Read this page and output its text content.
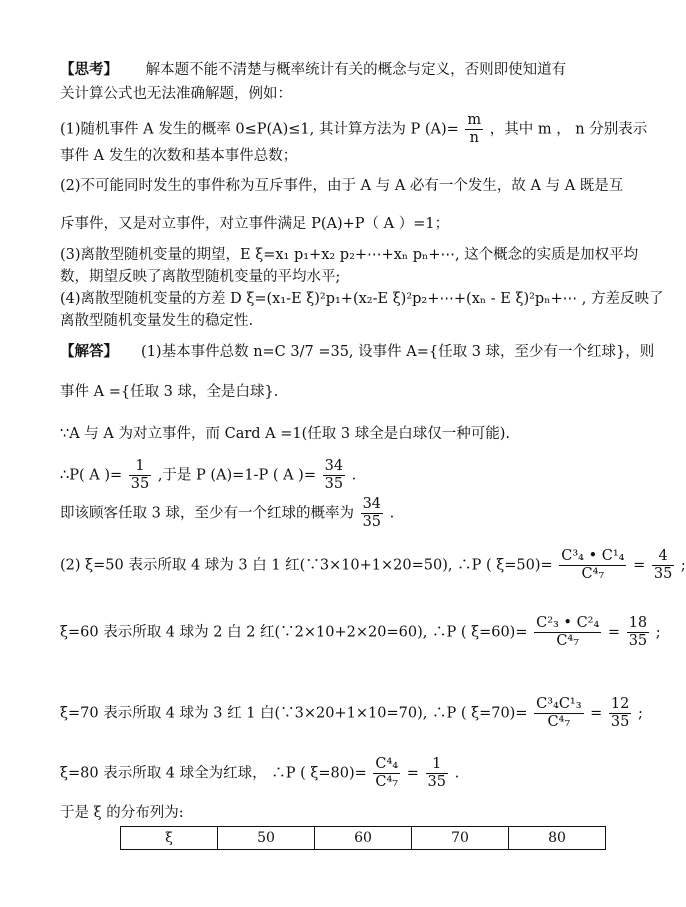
【思考】 解本题不能不清楚与概率统计有关的概念与定义，否则即使知道有
关计算公式也无法准确解题，例如：
(1)随机事件 A 发生的概率 0≤P(A)≤1, 其计算方法为 P $(A)= \frac{m}{n}$ ，其中 m ， n 分别表示
事件 A 发生的次数和基本事件总数；
(2)不可能同时发生的事件称为互斥事件，由于 A 与 A 必有一个发生，故 A 与 A 既是互
斥事件，又是对立事件，对立事件满足 P(A)+P（ A ）=1；
(3)离散型随机变量的期望，E ξ=x₁ p₁+x₂ p₂+⋯+xₙ pₙ+⋯, 这个概念的实质是加权平均
数，期望反映了离散型随机变量的平均水平;
(4)离散型随机变量的方差 D ξ=(x₁-E ξ)²p₁+(x₂-E ξ)²p₂+⋯+(xₙ - E ξ)²pₙ+⋯ , 方差反映了
离散型随机变量发生的稳定性.
【解答】 (1)基本事件总数 n=C 3/7 =35, 设事件 A={任取 3 球，至少有一个红球}，则
事件 A ={任取 3 球，全是白球}.
∵A 与 A 为对立事件，而 Card A =1(任取 3 球全是白球仅一种可能).
∴P( A )= $\frac{1}{35}$ ,于是 P (A)=1-P ( A )= $\frac{34}{35}$ .
即该顾客任取 3 球，至少有一个红球的概率为 $\frac{34}{35}$ .
(2) ξ=50 表示所取 4 球为 3 白 1 红(∵3×10+1×20=50), ∴P ( $\xi=50)= \frac{\text{C³₄ • C¹₄}}{\text{C⁴₇}} = \frac{4}{35}$ ;
ξ=60 表示所取 4 球为 2 白 2 红(∵2×10+2×20=60), ∴P ( $\xi=60)= \frac{\text{C²₃ • C²₄}}{\text{C⁴₇}} = \frac{18}{35}$ ;
ξ=70 表示所取 4 球为 3 红 1 白(∵3×20+1×10=70), ∴P ( $\xi=70)= \frac{\text{C³₄C¹₃}}{\text{C⁴₇}} = \frac{12}{35}$ ;
ξ=80 表示所取 4 球全为红球， ∴P ( $\xi=80)= \frac{\text{C⁴₄}}{\text{C⁴₇}} = \frac{1}{35}$ .
于是 ξ 的分布列为:
ξ	50	60	70	80
